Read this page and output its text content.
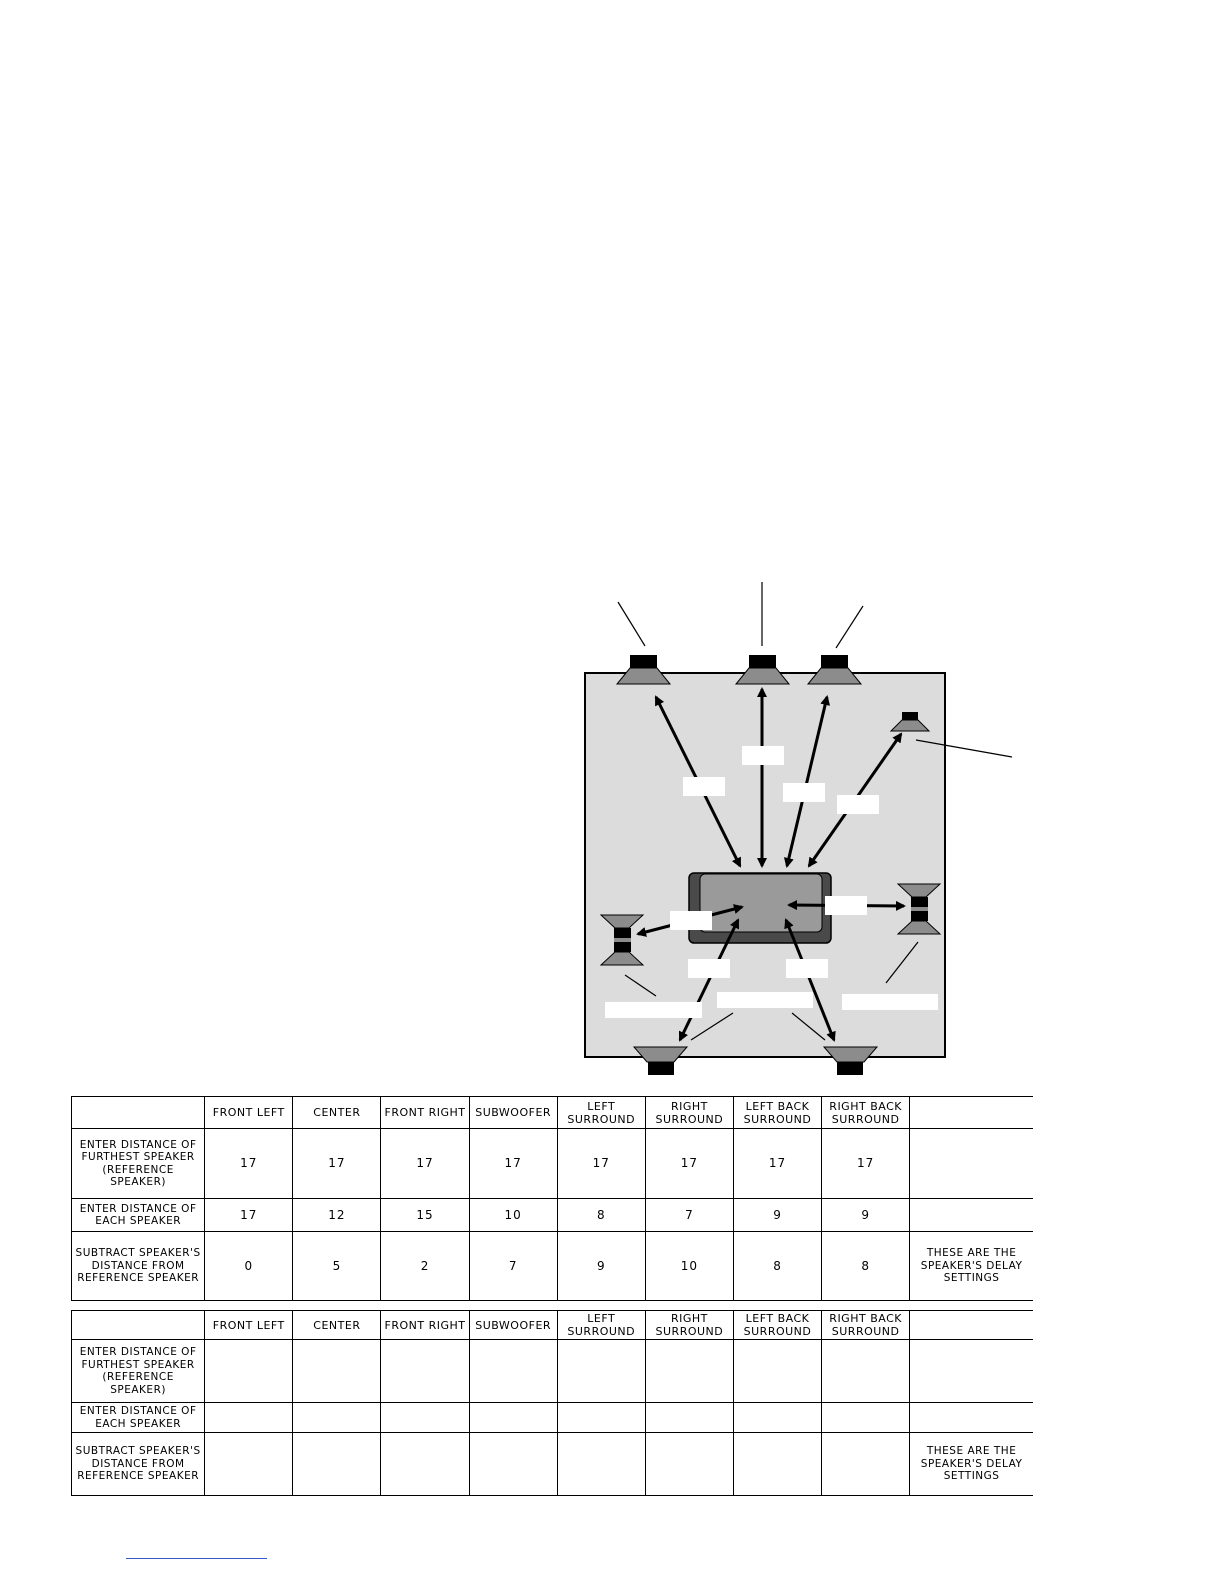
	FRONT LEFT	CENTER	FRONT RIGHT	SUBWOOFER	LEFT SURROUND	RIGHT SURROUND	LEFT BACK SURROUND	RIGHT BACK SURROUND	
ENTER DISTANCE OF FURTHEST SPEAKER (REFERENCE SPEAKER)	17	17	17	17	17	17	17	17	
ENTER DISTANCE OF EACH SPEAKER	17	12	15	10	8	7	9	9	
SUBTRACT SPEAKER'S DISTANCE FROM REFERENCE SPEAKER	0	5	2	7	9	10	8	8	THESE ARE THE SPEAKER'S DELAY SETTINGS
	FRONT LEFT	CENTER	FRONT RIGHT	SUBWOOFER	LEFT SURROUND	RIGHT SURROUND	LEFT BACK SURROUND	RIGHT BACK SURROUND	
ENTER DISTANCE OF FURTHEST SPEAKER (REFERENCE SPEAKER)									
ENTER DISTANCE OF EACH SPEAKER									
SUBTRACT SPEAKER'S DISTANCE FROM REFERENCE SPEAKER									THESE ARE THE SPEAKER'S DELAY SETTINGS
